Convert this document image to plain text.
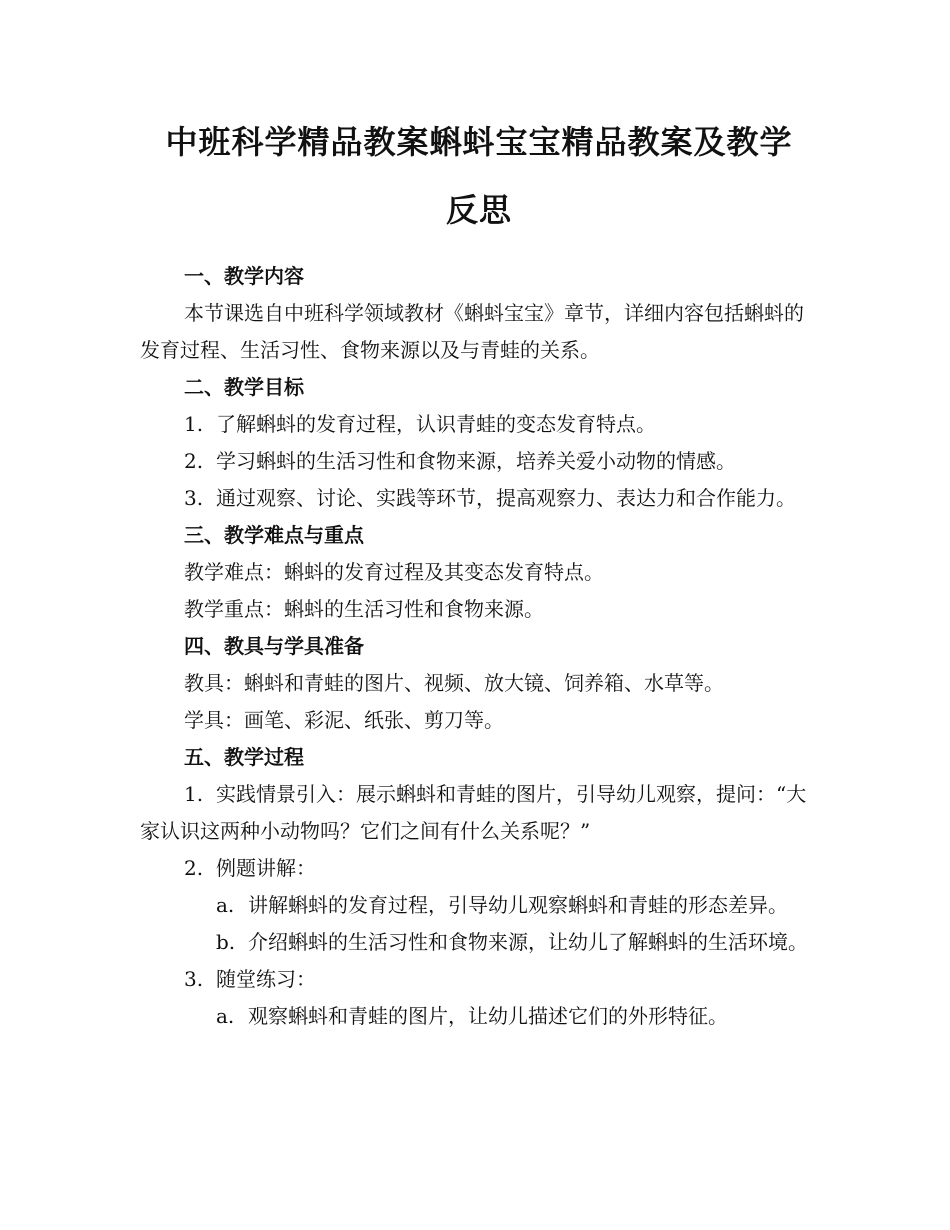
中班科学精品教案蝌蚪宝宝精品教案及教学
反思

一、教学内容

本节课选自中班科学领域教材《蝌蚪宝宝》章节，详细内容包括蝌蚪的发育过程、生活习性、食物来源以及与青蛙的关系。

二、教学目标

1. 了解蝌蚪的发育过程，认识青蛙的变态发育特点。

2. 学习蝌蚪的生活习性和食物来源，培养关爱小动物的情感。

3. 通过观察、讨论、实践等环节，提高观察力、表达力和合作能力。

三、教学难点与重点

教学难点：蝌蚪的发育过程及其变态发育特点。

教学重点：蝌蚪的生活习性和食物来源。

四、教具与学具准备

教具：蝌蚪和青蛙的图片、视频、放大镜、饲养箱、水草等。

学具：画笔、彩泥、纸张、剪刀等。

五、教学过程

1. 实践情景引入：展示蝌蚪和青蛙的图片，引导幼儿观察，提问：“大家认识这两种小动物吗？它们之间有什么关系呢？”

2. 例题讲解：

a. 讲解蝌蚪的发育过程，引导幼儿观察蝌蚪和青蛙的形态差异。

b. 介绍蝌蚪的生活习性和食物来源，让幼儿了解蝌蚪的生活环境。

3. 随堂练习：

a. 观察蝌蚪和青蛙的图片，让幼儿描述它们的外形特征。
